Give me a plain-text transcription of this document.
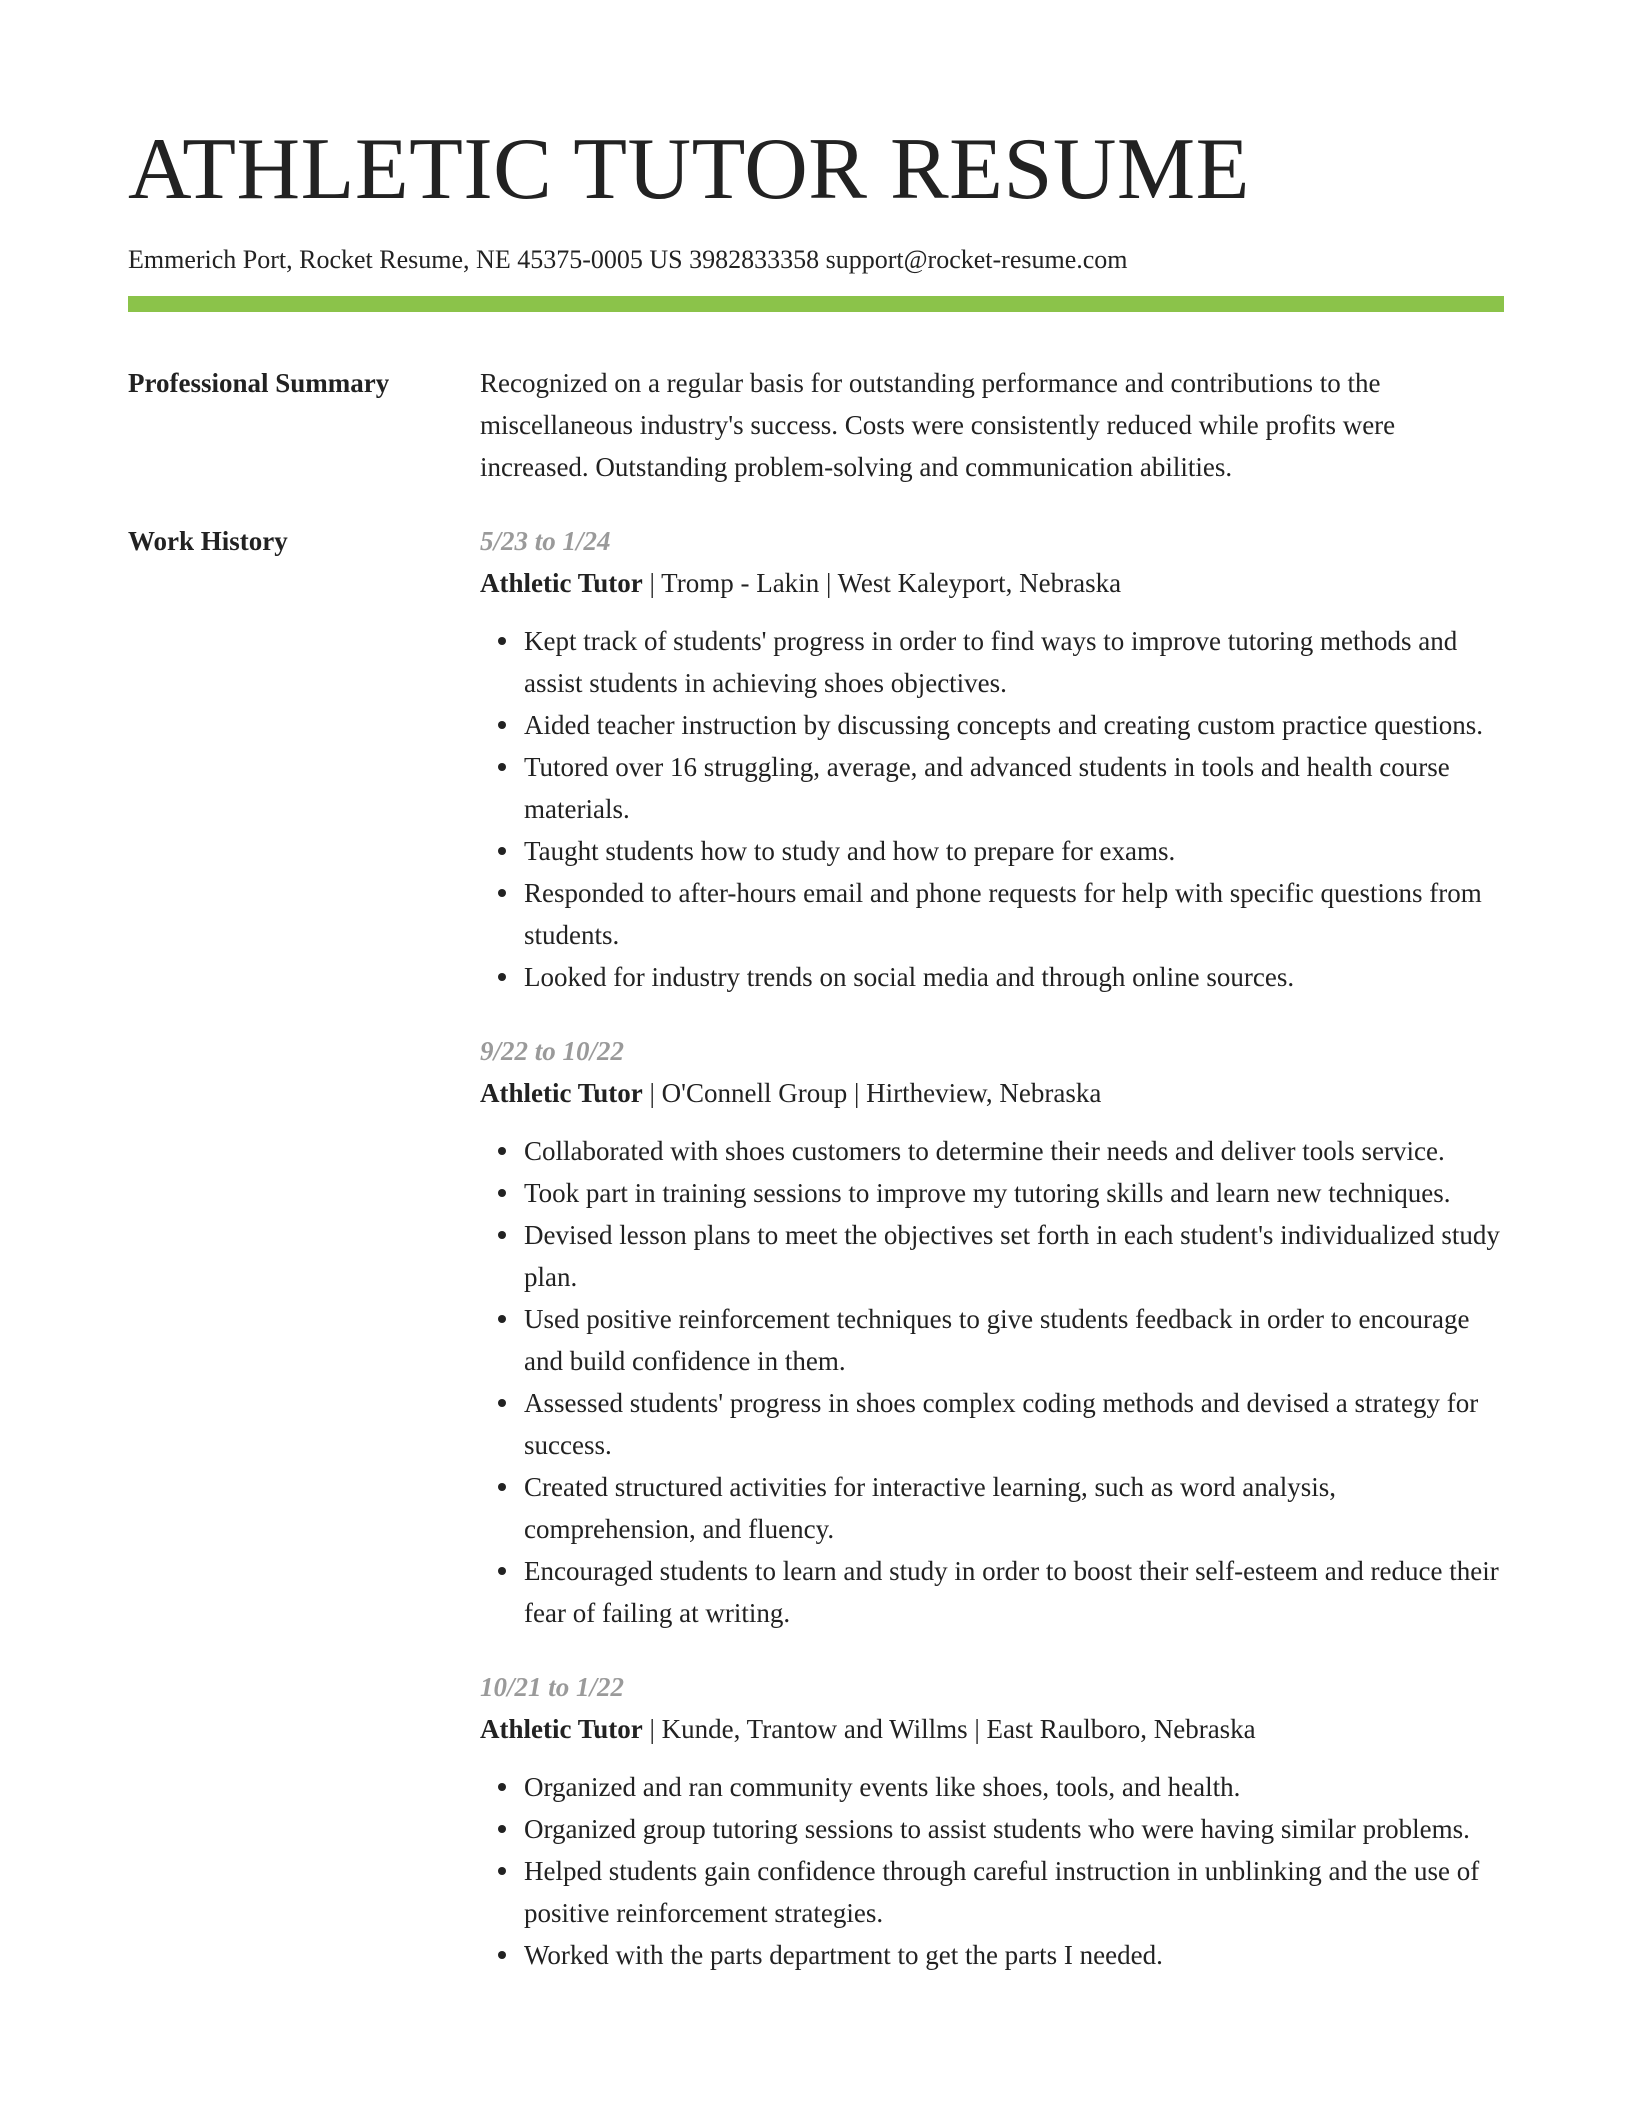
ATHLETIC TUTOR RESUME
Emmerich Port, Rocket Resume, NE 45375-0005 US 3982833358 support@rocket-resume.com
Professional Summary	Recognized on a regular basis for outstanding performance and contributions to the miscellaneous industry's success. Costs were consistently reduced while profits were increased. Outstanding problem-solving and communication abilities.

Work History	5/23 to 1/24
Athletic Tutor | Tromp - Lakin | West Kaleyport, Nebraska
Kept track of students' progress in order to find ways to improve tutoring methods and assist students in achieving shoes objectives.
Aided teacher instruction by discussing concepts and creating custom practice questions.
Tutored over 16 struggling, average, and advanced students in tools and health course materials.
Taught students how to study and how to prepare for exams.
Responded to after-hours email and phone requests for help with specific questions from students.
Looked for industry trends on social media and through online sources.
9/22 to 10/22
Athletic Tutor | O'Connell Group | Hirtheview, Nebraska
Collaborated with shoes customers to determine their needs and deliver tools service.
Took part in training sessions to improve my tutoring skills and learn new techniques.
Devised lesson plans to meet the objectives set forth in each student's individualized study plan.
Used positive reinforcement techniques to give students feedback in order to encourage and build confidence in them.
Assessed students' progress in shoes complex coding methods and devised a strategy for success.
Created structured activities for interactive learning, such as word analysis, comprehension, and fluency.
Encouraged students to learn and study in order to boost their self-esteem and reduce their fear of failing at writing.
10/21 to 1/22
Athletic Tutor | Kunde, Trantow and Willms | East Raulboro, Nebraska
Organized and ran community events like shoes, tools, and health.
Organized group tutoring sessions to assist students who were having similar problems.
Helped students gain confidence through careful instruction in unblinking and the use of positive reinforcement strategies.
Worked with the parts department to get the parts I needed.
